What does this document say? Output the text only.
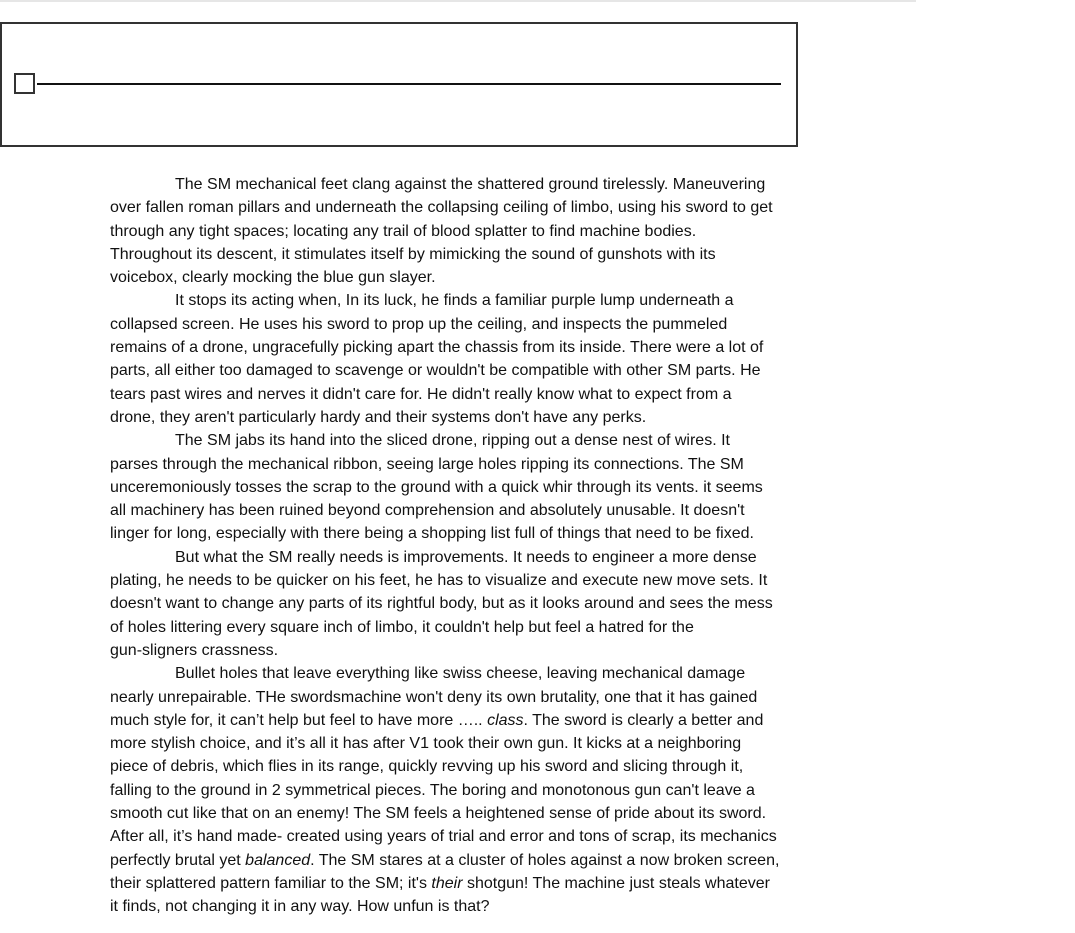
The SM mechanical feet clang against the shattered ground tirelessly. Maneuvering
over fallen roman pillars and underneath the collapsing ceiling of limbo, using his sword to get
through any tight spaces; locating any trail of blood splatter to find machine bodies.
Throughout its descent, it stimulates itself by mimicking the sound of gunshots with its
voicebox, clearly mocking the blue gun slayer.

It stops its acting when, In its luck, he finds a familiar purple lump underneath a
collapsed screen. He uses his sword to prop up the ceiling, and inspects the pummeled
remains of a drone, ungracefully picking apart the chassis from its inside. There were a lot of
parts, all either too damaged to scavenge or wouldn't be compatible with other SM parts. He
tears past wires and nerves it didn't care for. He didn't really know what to expect from a
drone, they aren't particularly hardy and their systems don't have any perks.

The SM jabs its hand into the sliced drone, ripping out a dense nest of wires. It
parses through the mechanical ribbon, seeing large holes ripping its connections. The SM
unceremoniously tosses the scrap to the ground with a quick whir through its vents. it seems
all machinery has been ruined beyond comprehension and absolutely unusable. It doesn't
linger for long, especially with there being a shopping list full of things that need to be fixed.

But what the SM really needs is improvements. It needs to engineer a more dense
plating, he needs to be quicker on his feet, he has to visualize and execute new move sets. It
doesn't want to change any parts of its rightful body, but as it looks around and sees the mess
of holes littering every square inch of limbo, it couldn't help but feel a hatred for the
gun-sligners crassness.

Bullet holes that leave everything like swiss cheese, leaving mechanical damage
nearly unrepairable. THe swordsmachine won't deny its own brutality, one that it has gained
much style for, it can’t help but feel to have more ….. class. The sword is clearly a better and
more stylish choice, and it’s all it has after V1 took their own gun. It kicks at a neighboring
piece of debris, which flies in its range, quickly revving up his sword and slicing through it,
falling to the ground in 2 symmetrical pieces. The boring and monotonous gun can't leave a
smooth cut like that on an enemy! The SM feels a heightened sense of pride about its sword.
After all, it’s hand made- created using years of trial and error and tons of scrap, its mechanics
perfectly brutal yet balanced. The SM stares at a cluster of holes against a now broken screen,
their splattered pattern familiar to the SM; it's their shotgun! The machine just steals whatever
it finds, not changing it in any way. How unfun is that?
